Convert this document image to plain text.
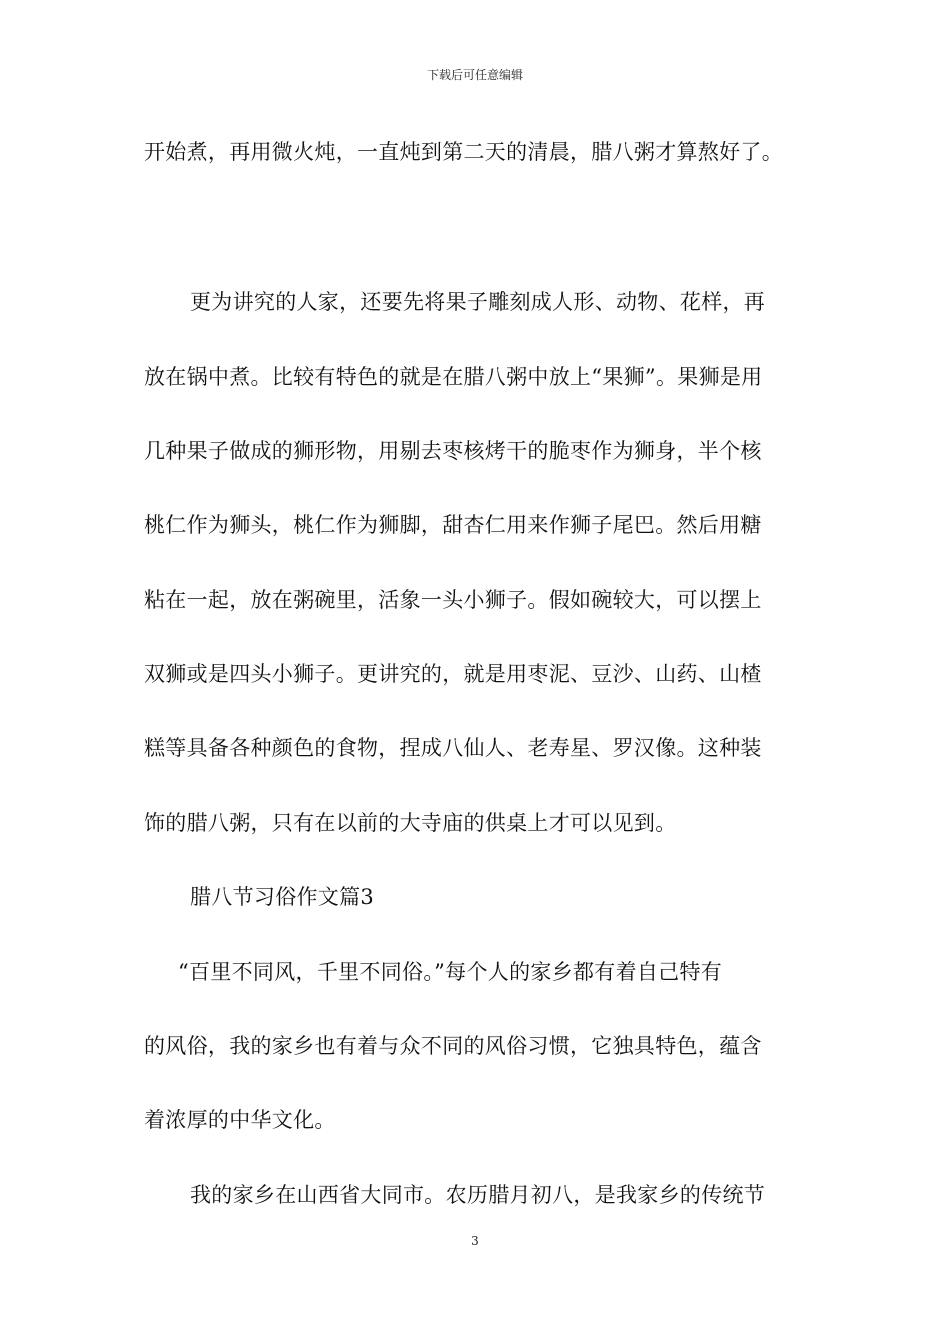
下载后可任意编辑
开始煮，再用微火炖，一直炖到第二天的清晨，腊八粥才算熬好了。
更为讲究的人家，还要先将果子雕刻成人形、动物、花样，再
放在锅中煮。比较有特色的就是在腊八粥中放上“果狮”。果狮是用
几种果子做成的狮形物，用剔去枣核烤干的脆枣作为狮身，半个核
桃仁作为狮头，桃仁作为狮脚，甜杏仁用来作狮子尾巴。然后用糖
粘在一起，放在粥碗里，活象一头小狮子。假如碗较大，可以摆上
双狮或是四头小狮子。更讲究的，就是用枣泥、豆沙、山药、山楂
糕等具备各种颜色的食物，捏成八仙人、老寿星、罗汉像。这种装
饰的腊八粥，只有在以前的大寺庙的供桌上才可以见到。
腊八节习俗作文篇3
“百里不同风，千里不同俗。”每个人的家乡都有着自己特有
的风俗，我的家乡也有着与众不同的风俗习惯，它独具特色，蕴含
着浓厚的中华文化。
我的家乡在山西省大同市。农历腊月初八，是我家乡的传统节
3
